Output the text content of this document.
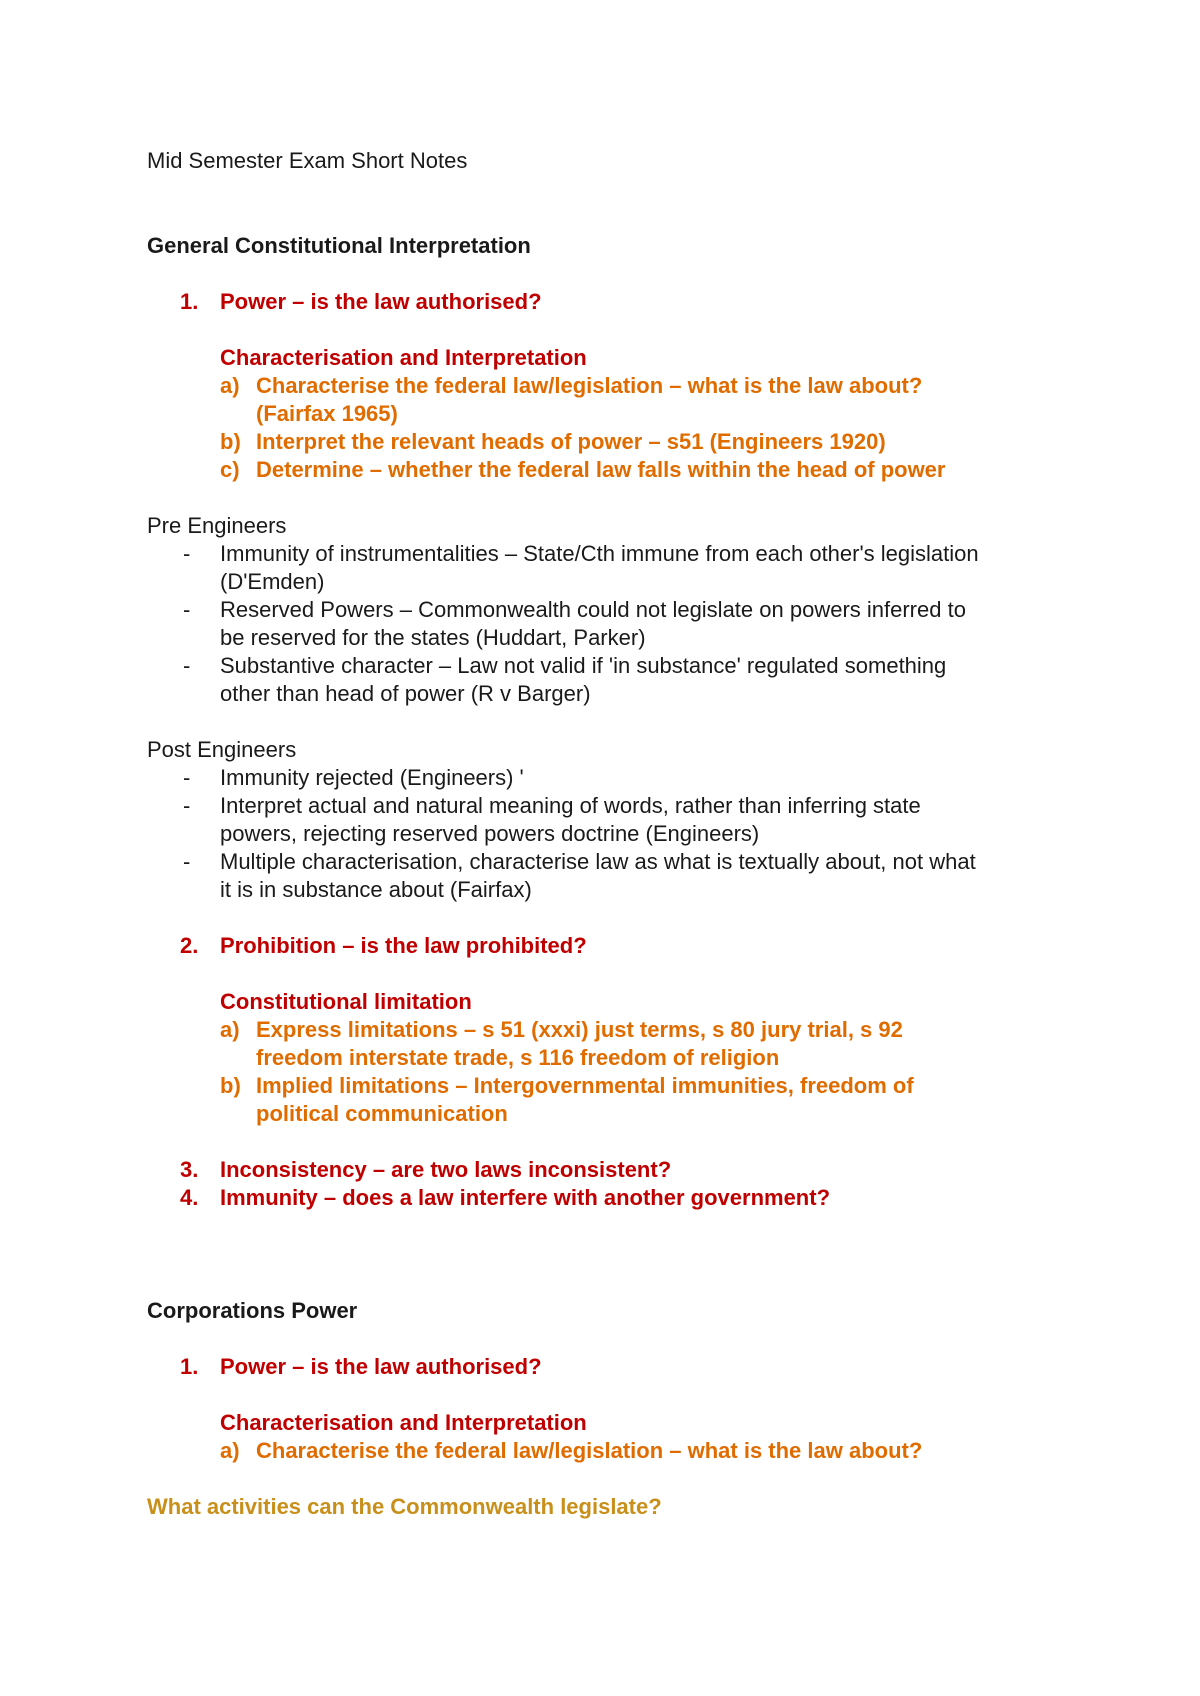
Mid Semester Exam Short Notes
General Constitutional Interpretation
1. Power – is the law authorised?
Characterisation and Interpretation
a) Characterise the federal law/legislation – what is the law about?
(Fairfax 1965)
b) Interpret the relevant heads of power – s51 (Engineers 1920)
c) Determine – whether the federal law falls within the head of power
Pre Engineers
- Immunity of instrumentalities – State/Cth immune from each other's legislation
(D'Emden)
- Reserved Powers – Commonwealth could not legislate on powers inferred to
be reserved for the states (Huddart, Parker)
- Substantive character – Law not valid if 'in substance' regulated something
other than head of power (R v Barger)
Post Engineers
- Immunity rejected (Engineers) '
- Interpret actual and natural meaning of words, rather than inferring state
powers, rejecting reserved powers doctrine (Engineers)
- Multiple characterisation, characterise law as what is textually about, not what
it is in substance about (Fairfax)
2. Prohibition – is the law prohibited?
Constitutional limitation
a) Express limitations – s 51 (xxxi) just terms, s 80 jury trial, s 92
freedom interstate trade, s 116 freedom of religion
b) Implied limitations – Intergovernmental immunities, freedom of
political communication
3. Inconsistency – are two laws inconsistent?
4. Immunity – does a law interfere with another government?
Corporations Power
1. Power – is the law authorised?
Characterisation and Interpretation
a) Characterise the federal law/legislation – what is the law about?
What activities can the Commonwealth legislate?
